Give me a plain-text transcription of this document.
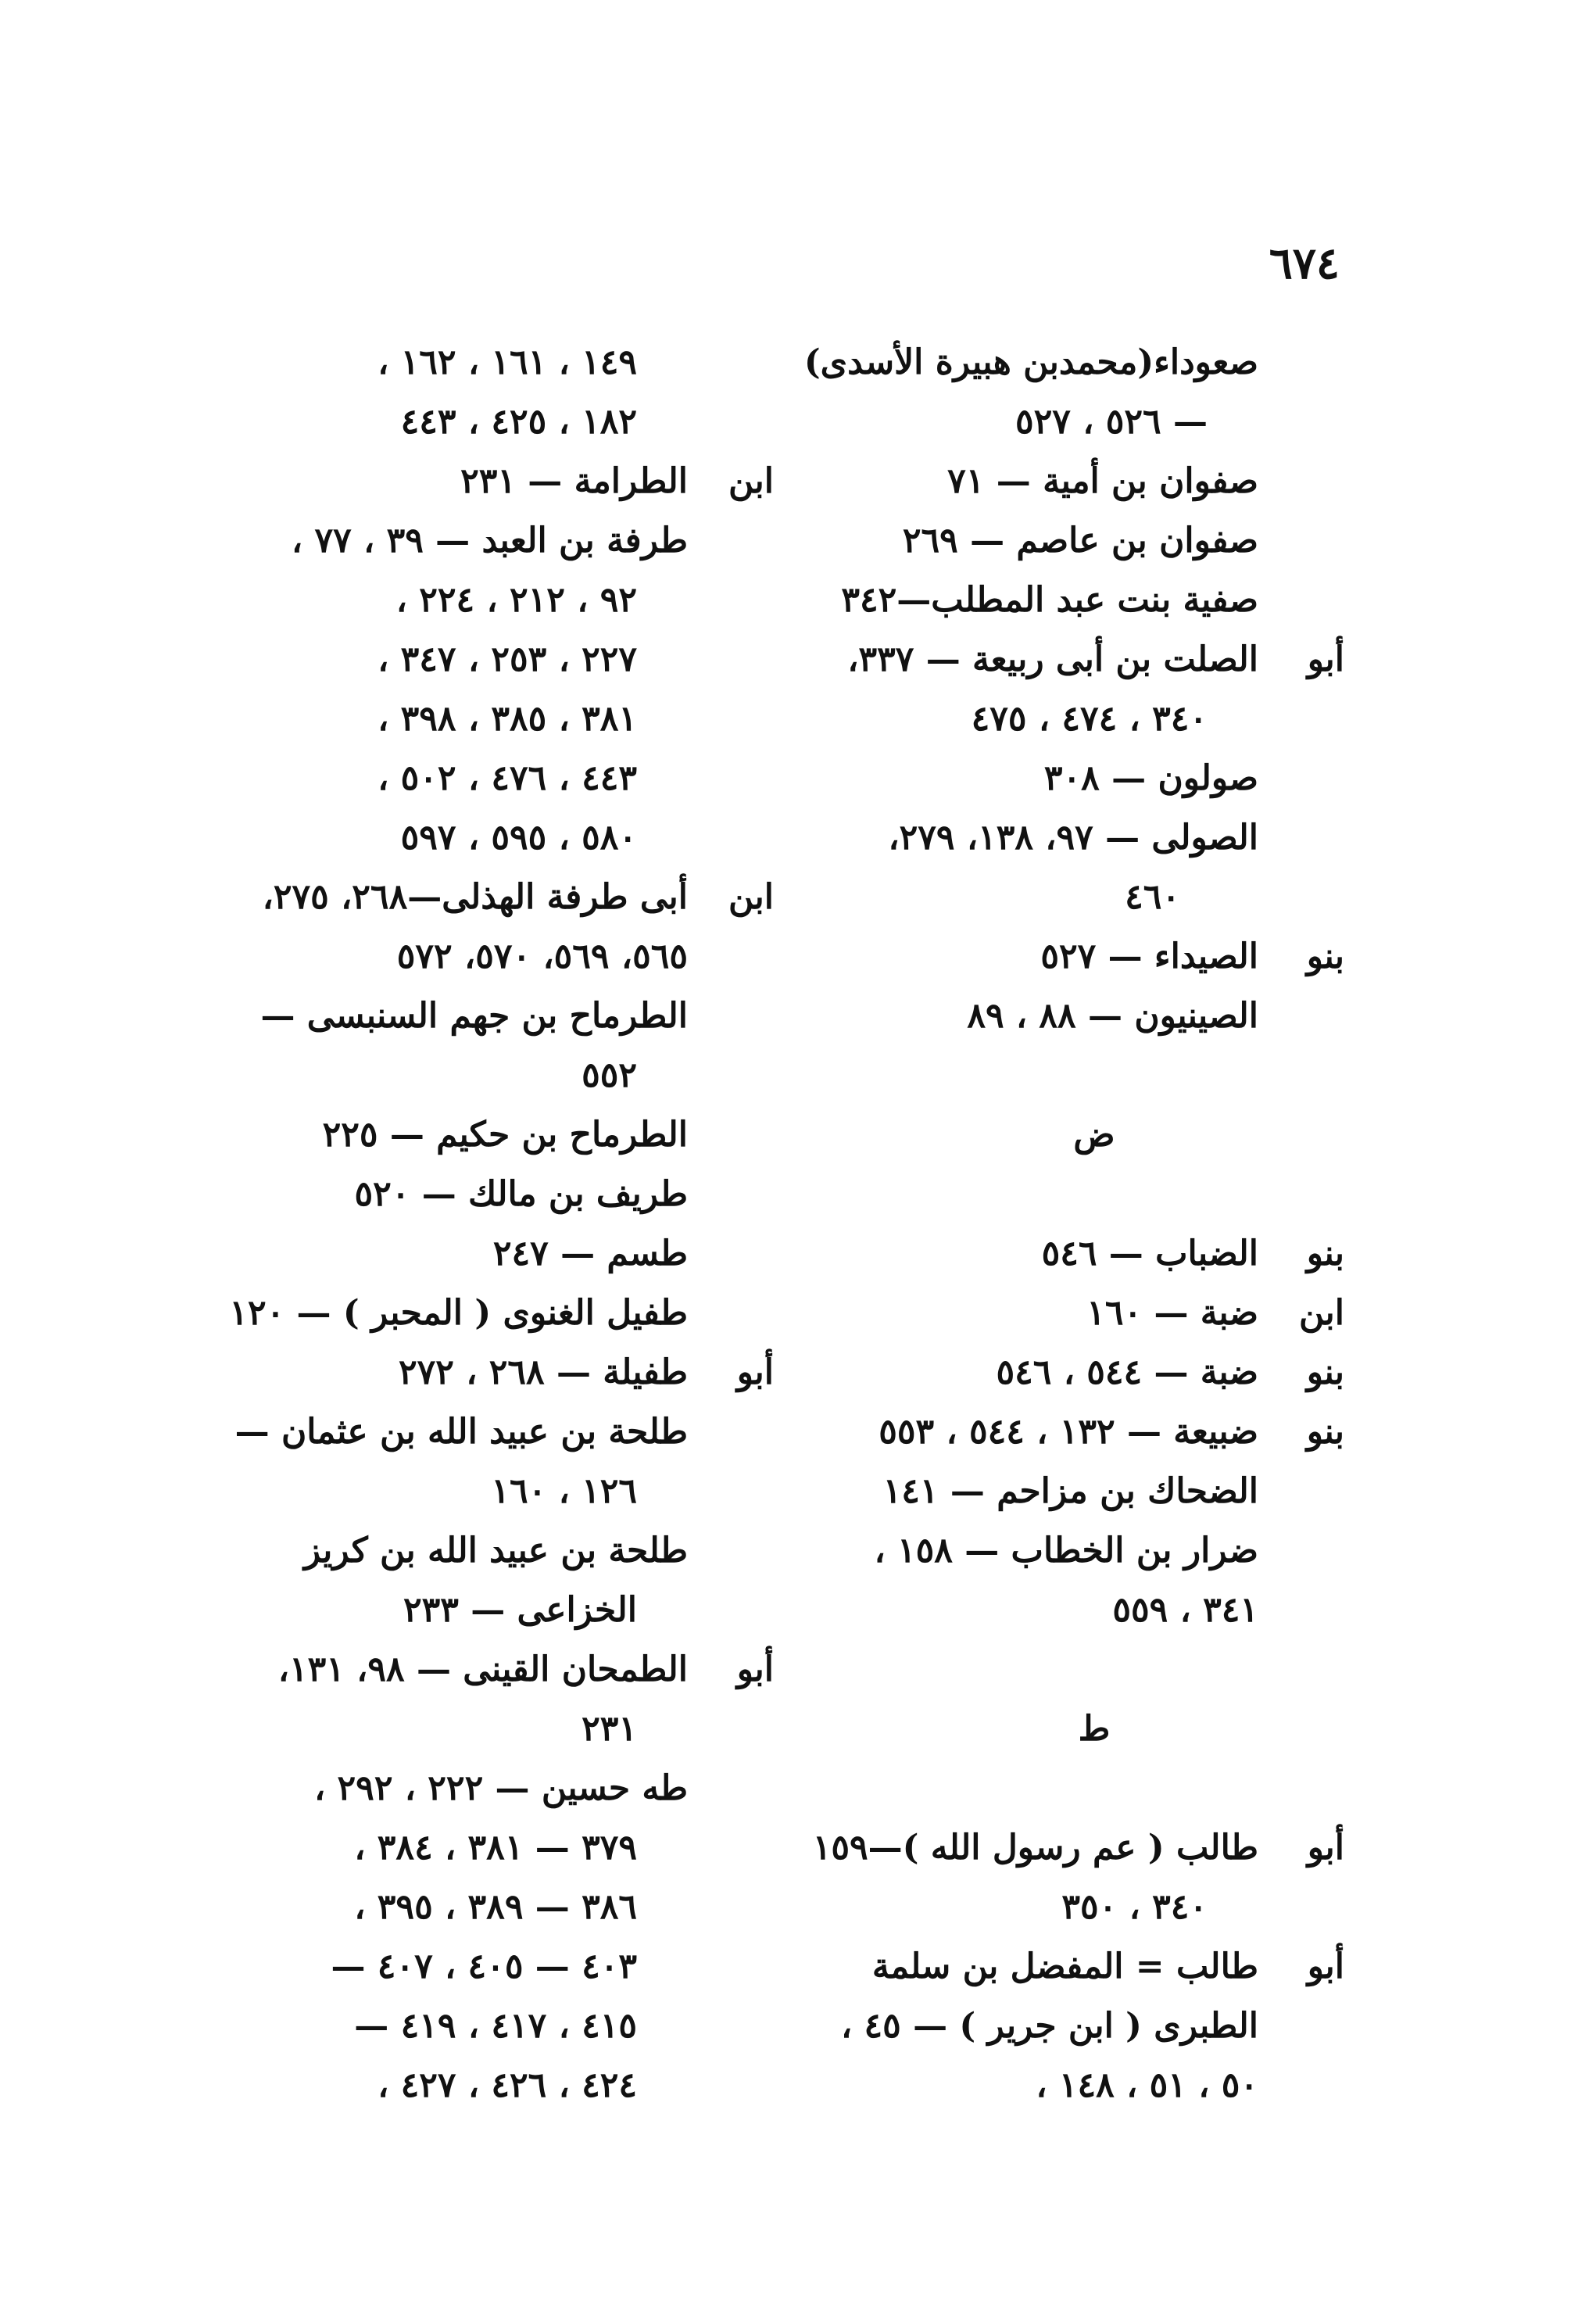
٦٧٤
صعوداء(محمدبن هبيرة الأسدى)
— ٥٢٦ ، ٥٢٧
صفوان بن أمية — ٧١
صفوان بن عاصم — ٢٦٩
صفية بنت عبد المطلب—٣٤٢
أبو
الصلت بن أبى ربيعة — ٣٣٧،
٣٤٠ ، ٤٧٤ ، ٤٧٥
صولون — ٣٠٨
الصولى — ٩٧، ١٣٨، ٢٧٩،
٤٦٠
بنو
الصيداء — ٥٢٧
الصينيون — ٨٨ ، ٨٩
ض
بنو
الضباب — ٥٤٦
ابن
ضبة — ١٦٠
بنو
ضبة — ٥٤٤ ، ٥٤٦
بنو
ضبيعة — ١٣٢ ، ٥٤٤ ، ٥٥٣
الضحاك بن مزاحم — ١٤١
ضرار بن الخطاب — ١٥٨ ،
٣٤١ ، ٥٥٩
ط
أبو
طالب ( عم رسول الله )—١٥٩
٣٤٠ ، ٣٥٠
أبو
طالب = المفضل بن سلمة
الطبرى ( ابن جرير ) — ٤٥ ،
٥٠ ، ٥١ ، ١٤٨ ،
١٤٩ ، ١٦١ ، ١٦٢ ،
١٨٢ ، ٤٢٥ ، ٤٤٣
ابن
الطرامة — ٢٣١
طرفة بن العبد — ٣٩ ، ٧٧ ،
٩٢ ، ٢١٢ ، ٢٢٤ ،
٢٢٧ ، ٢٥٣ ، ٣٤٧ ،
٣٨١ ، ٣٨٥ ، ٣٩٨ ،
٤٤٣ ، ٤٧٦ ، ٥٠٢ ،
٥٨٠ ، ٥٩٥ ، ٥٩٧
ابن
أبى طرفة الهذلى—٢٦٨، ٢٧٥،
٥٦٥، ٥٦٩، ٥٧٠، ٥٧٢
الطرماح بن جهم السنبسى —
٥٥٢
الطرماح بن حكيم — ٢٢٥
طريف بن مالك — ٥٢٠
طسم — ٢٤٧
طفيل الغنوى ( المحبر ) — ١٢٠
أبو
طفيلة — ٢٦٨ ، ٢٧٢
طلحة بن عبيد الله بن عثمان —
١٢٦ ، ١٦٠
طلحة بن عبيد الله بن كريز
الخزاعى — ٢٣٣
أبو
الطمحان القينى — ٩٨، ١٣١،
٢٣١
طه حسين — ٢٢٢ ، ٢٩٢ ،
٣٧٩ — ٣٨١ ، ٣٨٤ ،
٣٨٦ — ٣٨٩ ، ٣٩٥ ،
٤٠٣ — ٤٠٥ ، ٤٠٧ —
٤١٥ ، ٤١٧ ، ٤١٩ —
٤٢٤ ، ٤٢٦ ، ٤٢٧ ،
